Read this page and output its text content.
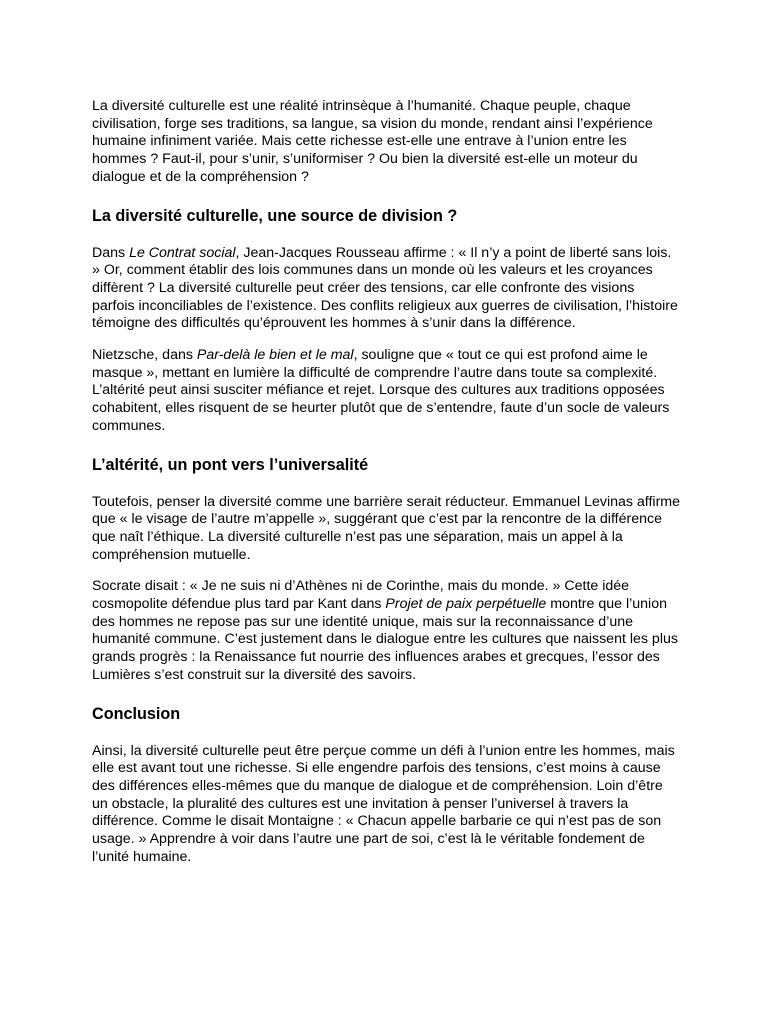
La diversité culturelle est une réalité intrinsèque à l’humanité. Chaque peuple, chaque civilisation, forge ses traditions, sa langue, sa vision du monde, rendant ainsi l’expérience humaine infiniment variée. Mais cette richesse est-elle une entrave à l’union entre les hommes ? Faut-il, pour s’unir, s’uniformiser ? Ou bien la diversité est-elle un moteur du dialogue et de la compréhension ?

La diversité culturelle, une source de division ?

Dans Le Contrat social, Jean-Jacques Rousseau affirme : « Il n’y a point de liberté sans lois. » Or, comment établir des lois communes dans un monde où les valeurs et les croyances diffèrent ? La diversité culturelle peut créer des tensions, car elle confronte des visions parfois inconciliables de l’existence. Des conflits religieux aux guerres de civilisation, l’histoire témoigne des difficultés qu’éprouvent les hommes à s’unir dans la différence.

Nietzsche, dans Par-delà le bien et le mal, souligne que « tout ce qui est profond aime le masque », mettant en lumière la difficulté de comprendre l’autre dans toute sa complexité. L’altérité peut ainsi susciter méfiance et rejet. Lorsque des cultures aux traditions opposées cohabitent, elles risquent de se heurter plutôt que de s’entendre, faute d’un socle de valeurs communes.

L’altérité, un pont vers l’universalité

Toutefois, penser la diversité comme une barrière serait réducteur. Emmanuel Levinas affirme que « le visage de l’autre m’appelle », suggérant que c’est par la rencontre de la différence que naît l’éthique. La diversité culturelle n’est pas une séparation, mais un appel à la compréhension mutuelle.

Socrate disait : « Je ne suis ni d’Athènes ni de Corinthe, mais du monde. » Cette idée cosmopolite défendue plus tard par Kant dans Projet de paix perpétuelle montre que l’union des hommes ne repose pas sur une identité unique, mais sur la reconnaissance d’une humanité commune. C’est justement dans le dialogue entre les cultures que naissent les plus grands progrès : la Renaissance fut nourrie des influences arabes et grecques, l’essor des Lumières s’est construit sur la diversité des savoirs.

Conclusion

Ainsi, la diversité culturelle peut être perçue comme un défi à l’union entre les hommes, mais elle est avant tout une richesse. Si elle engendre parfois des tensions, c’est moins à cause des différences elles-mêmes que du manque de dialogue et de compréhension. Loin d’être un obstacle, la pluralité des cultures est une invitation à penser l’universel à travers la différence. Comme le disait Montaigne : « Chacun appelle barbarie ce qui n’est pas de son usage. » Apprendre à voir dans l’autre une part de soi, c’est là le véritable fondement de l’unité humaine.
